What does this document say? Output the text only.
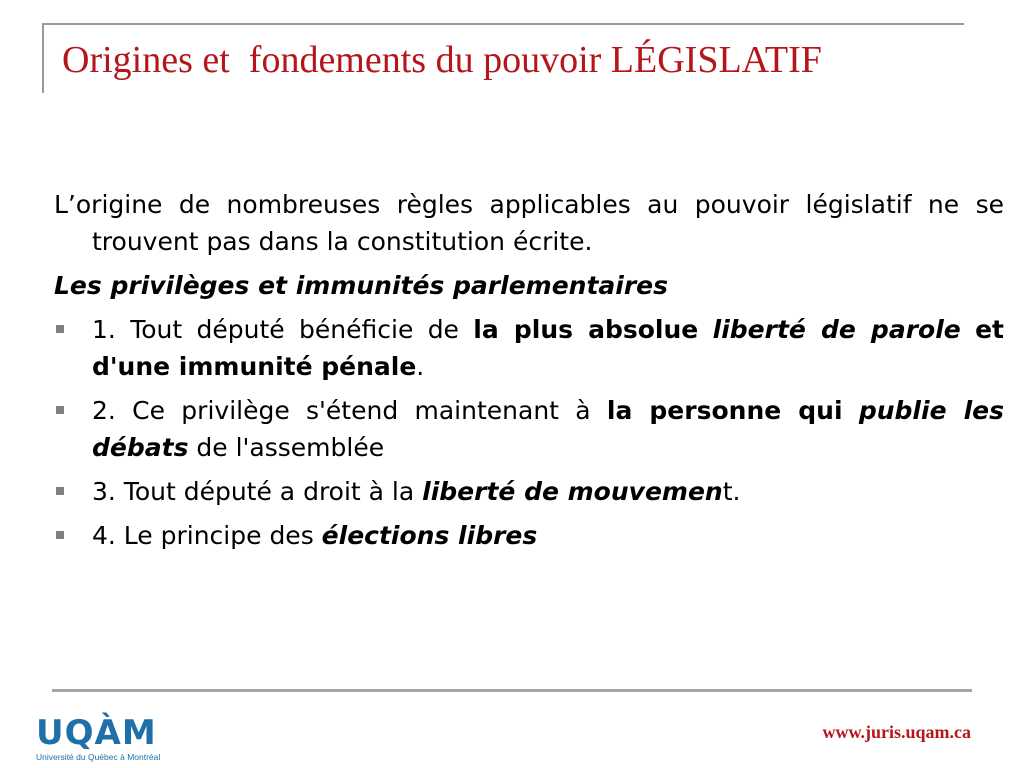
Origines et  fondements du pouvoir LÉGISLATIF

L’origine de nombreuses règles applicables au pouvoir législatif ne se trouvent pas dans la constitution écrite.

Les privilèges et immunités parlementaires

1. Tout député bénéficie de la plus absolue liberté de parole et d'une immunité pénale.
2. Ce privilège s'étend maintenant à la personne qui publie les débats de l'assemblée
3. Tout député a droit à la liberté de mouvement.
4. Le principe des élections libres
UQÀM
Université du Québec à Montréal
www.juris.uqam.ca
